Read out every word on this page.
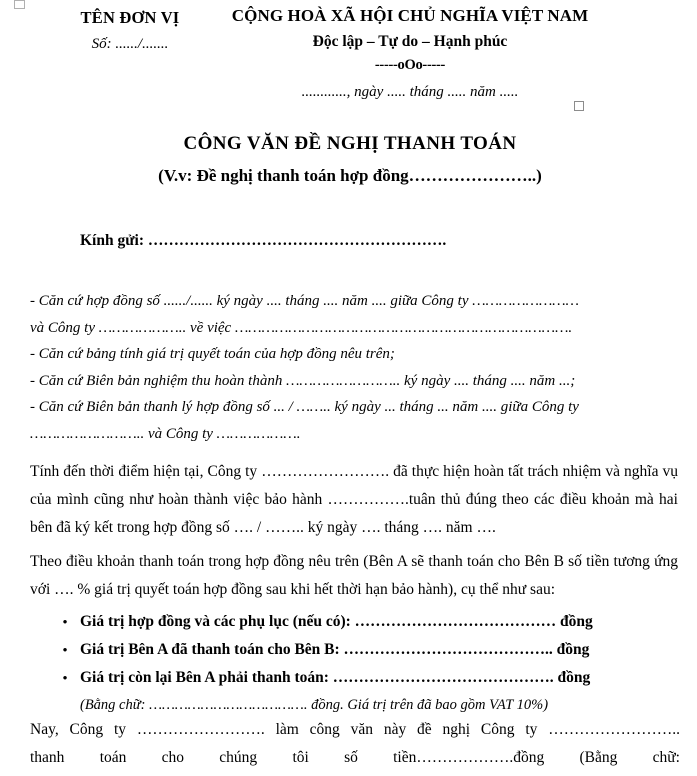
TÊN ĐƠN VỊ
Số: ....../.......
CỘNG HOÀ XÃ HỘI CHỦ NGHĨA VIỆT NAM
Độc lập – Tự do – Hạnh phúc
-----oOo-----
............, ngày ..... tháng ..... năm .....
CÔNG VĂN ĐỀ NGHỊ THANH TOÁN
(V.v: Đề nghị thanh toán hợp đồng…………………..)
Kính gửi: ………………………………………………….
- Căn cứ hợp đồng số ....../...... ký ngày .... tháng .... năm .... giữa Công ty ……………………
và Công ty ……………….. về việc ………………………………………………………………….
- Căn cứ bảng tính giá trị quyết toán của hợp đồng nêu trên;
- Căn cứ Biên bản nghiệm thu hoàn thành …………………….. ký ngày .... tháng .... năm ...;
- Căn cứ Biên bản thanh lý hợp đồng số ... / …….. ký ngày ... tháng ... năm .... giữa Công ty
…………………….. và Công ty ……………….
Tính đến thời điểm hiện tại, Công ty ……………………. đã thực hiện hoàn tất trách nhiệm và nghĩa vụ của mình cũng như hoàn thành việc bảo hành …………….tuân thủ đúng theo các điều khoản mà hai bên đã ký kết trong hợp đồng số …. / …….. ký ngày …. tháng …. năm ….
Theo điều khoản thanh toán trong hợp đồng nêu trên (Bên A sẽ thanh toán cho Bên B số tiền tương ứng với …. % giá trị quyết toán hợp đồng sau khi hết thời hạn bảo hành), cụ thể như sau:
• Giá trị hợp đồng và các phụ lục (nếu có): ………………………………… đồng
• Giá trị Bên A đã thanh toán cho Bên B: ………………………………….. đồng
• Giá trị còn lại Bên A phải thanh toán: ……………………………………. đồng
(Bằng chữ: ………………………………. đồng. Giá trị trên đã bao gồm VAT 10%)
Nay, Công ty ……………………. làm công văn này đề nghị Công ty ……………………..
thanh toán cho chúng tôi số tiền……………….đồng (Bằng chữ:
